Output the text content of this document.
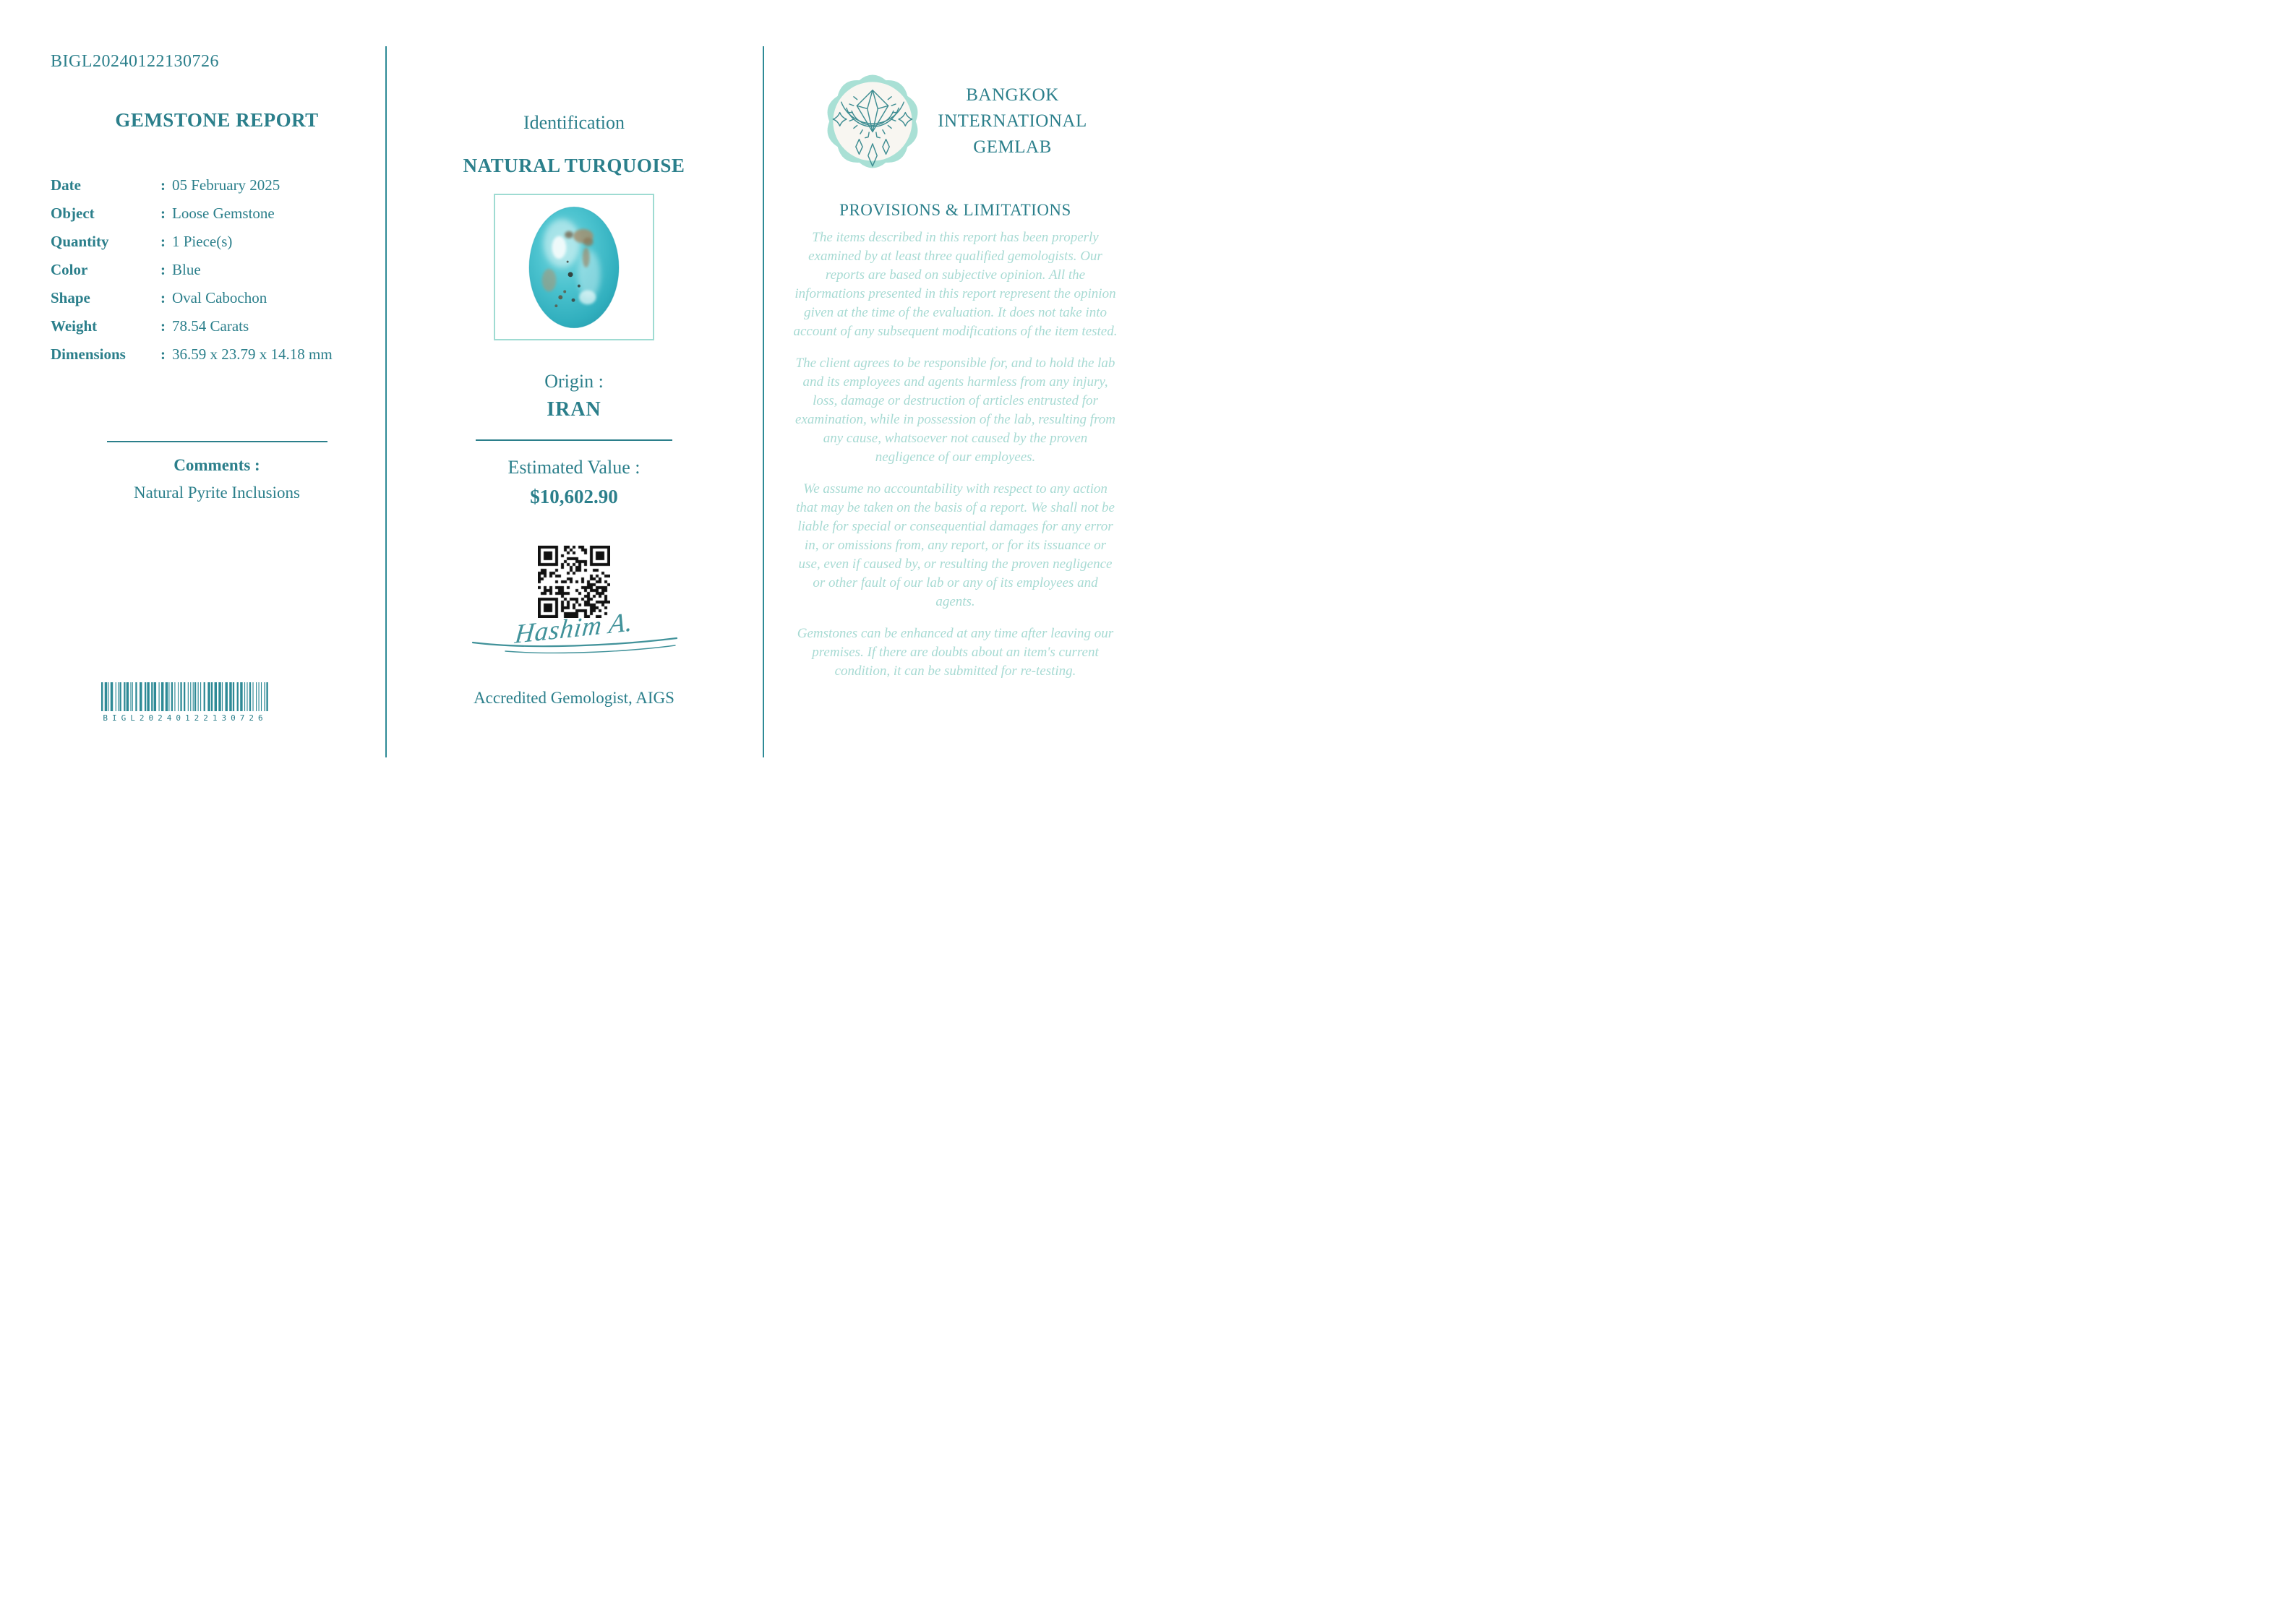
BIGL20240122130726
GEMSTONE REPORT
Date	: 05 February 2025
Object	: Loose Gemstone
Quantity	: 1 Piece(s)
Color	: Blue
Shape	: Oval Cabochon
Weight	: 78.54 Carats
Dimensions	: 36.59 x 23.79 x 14.18 mm
Comments :
Natural Pyrite Inclusions
BIGL20240122130726
Identification
NATURAL TURQUOISE
Origin :
IRAN
Estimated Value :
$10,602.90
Hashim A.
Accredited Gemologist, AIGS
BANGKOK
INTERNATIONAL
GEMLAB
PROVISIONS & LIMITATIONS

The items described in this report has been properly examined by at least three qualified gemologists. Our reports are based on subjective opinion. All the informations presented in this report represent the opinion given at the time of the evaluation. It does not take into account of any subsequent modifications of the item tested.

The client agrees to be responsible for, and to hold the lab and its employees and agents harmless from any injury, loss, damage or destruction of articles entrusted for examination, while in possession of the lab, resulting from any cause, whatsoever not caused by the proven negligence of our employees.

We assume no accountability with respect to any action that may be taken on the basis of a report. We shall not be liable for special or consequential damages for any error in, or omissions from, any report, or for its issuance or use, even if caused by, or resulting the proven negligence or other fault of our lab or any of its employees and agents.

Gemstones can be enhanced at any time after leaving our premises. If there are doubts about an item's current condition, it can be submitted for re-testing.
